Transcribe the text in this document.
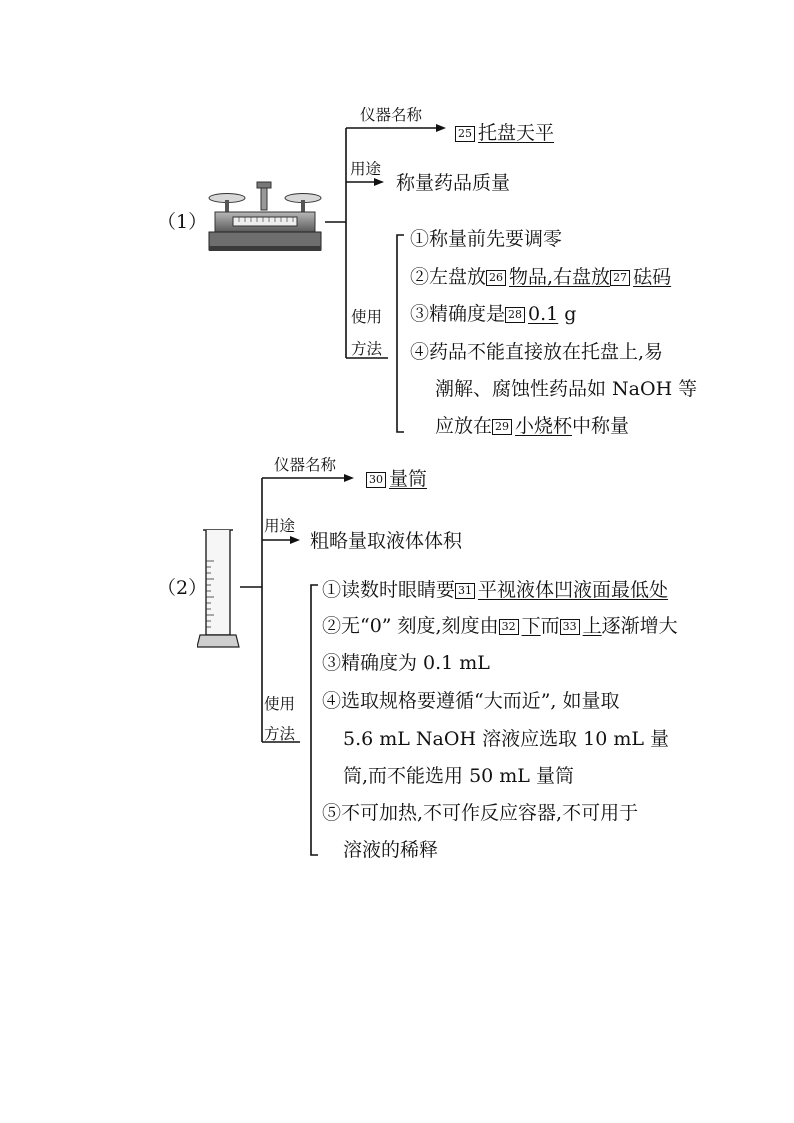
（1）
仪器名称
25 托盘天平
用途
称量药品质量
使用
方法
①称量前先要调零
②左盘放 26 物品,右盘放 27 砝码
③精确度是 28 0.1 g
④药品不能直接放在托盘上,易
潮解、腐蚀性药品如 NaOH 等
应放在 29 小烧杯中称量
（2）
仪器名称
30 量筒
用途
粗略量取液体体积
使用
方法
①读数时眼睛要 31 平视液体凹液面最低处
②无“0” 刻度,刻度由 32 下而 33 上逐渐增大
③精确度为 0.1 mL
④选取规格要遵循“大而近”, 如量取
5.6 mL NaOH 溶液应选取 10 mL 量
筒,而不能选用 50 mL 量筒
⑤不可加热,不可作反应容器,不可用于
溶液的稀释
